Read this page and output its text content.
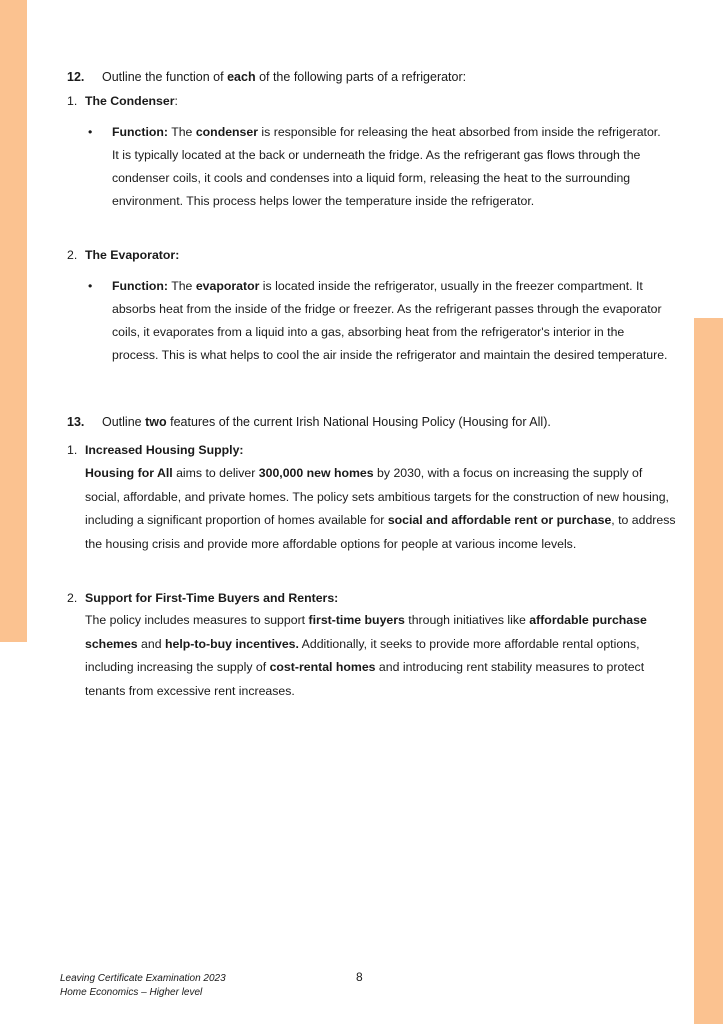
12. Outline the function of each of the following parts of a refrigerator:
1. The Condenser:
•	Function: The condenser is responsible for releasing the heat absorbed from inside the refrigerator. It is typically located at the back or underneath the fridge. As the refrigerant gas flows through the condenser coils, it cools and condenses into a liquid form, releasing the heat to the surrounding environment. This process helps lower the temperature inside the refrigerator.
2. The Evaporator:
•	Function: The evaporator is located inside the refrigerator, usually in the freezer compartment. It absorbs heat from the inside of the fridge or freezer. As the refrigerant passes through the evaporator coils, it evaporates from a liquid into a gas, absorbing heat from the refrigerator's interior in the process. This is what helps to cool the air inside the refrigerator and maintain the desired temperature.
13. Outline two features of the current Irish National Housing Policy (Housing for All).
1. Increased Housing Supply:
Housing for All aims to deliver 300,000 new homes by 2030, with a focus on increasing the supply of social, affordable, and private homes. The policy sets ambitious targets for the construction of new housing, including a significant proportion of homes available for social and affordable rent or purchase, to address the housing crisis and provide more affordable options for people at various income levels.
2. Support for First-Time Buyers and Renters:
The policy includes measures to support first-time buyers through initiatives like affordable purchase schemes and help-to-buy incentives. Additionally, it seeks to provide more affordable rental options, including increasing the supply of cost-rental homes and introducing rent stability measures to protect tenants from excessive rent increases.
Leaving Certificate Examination 2023
Home Economics – Higher level
8
